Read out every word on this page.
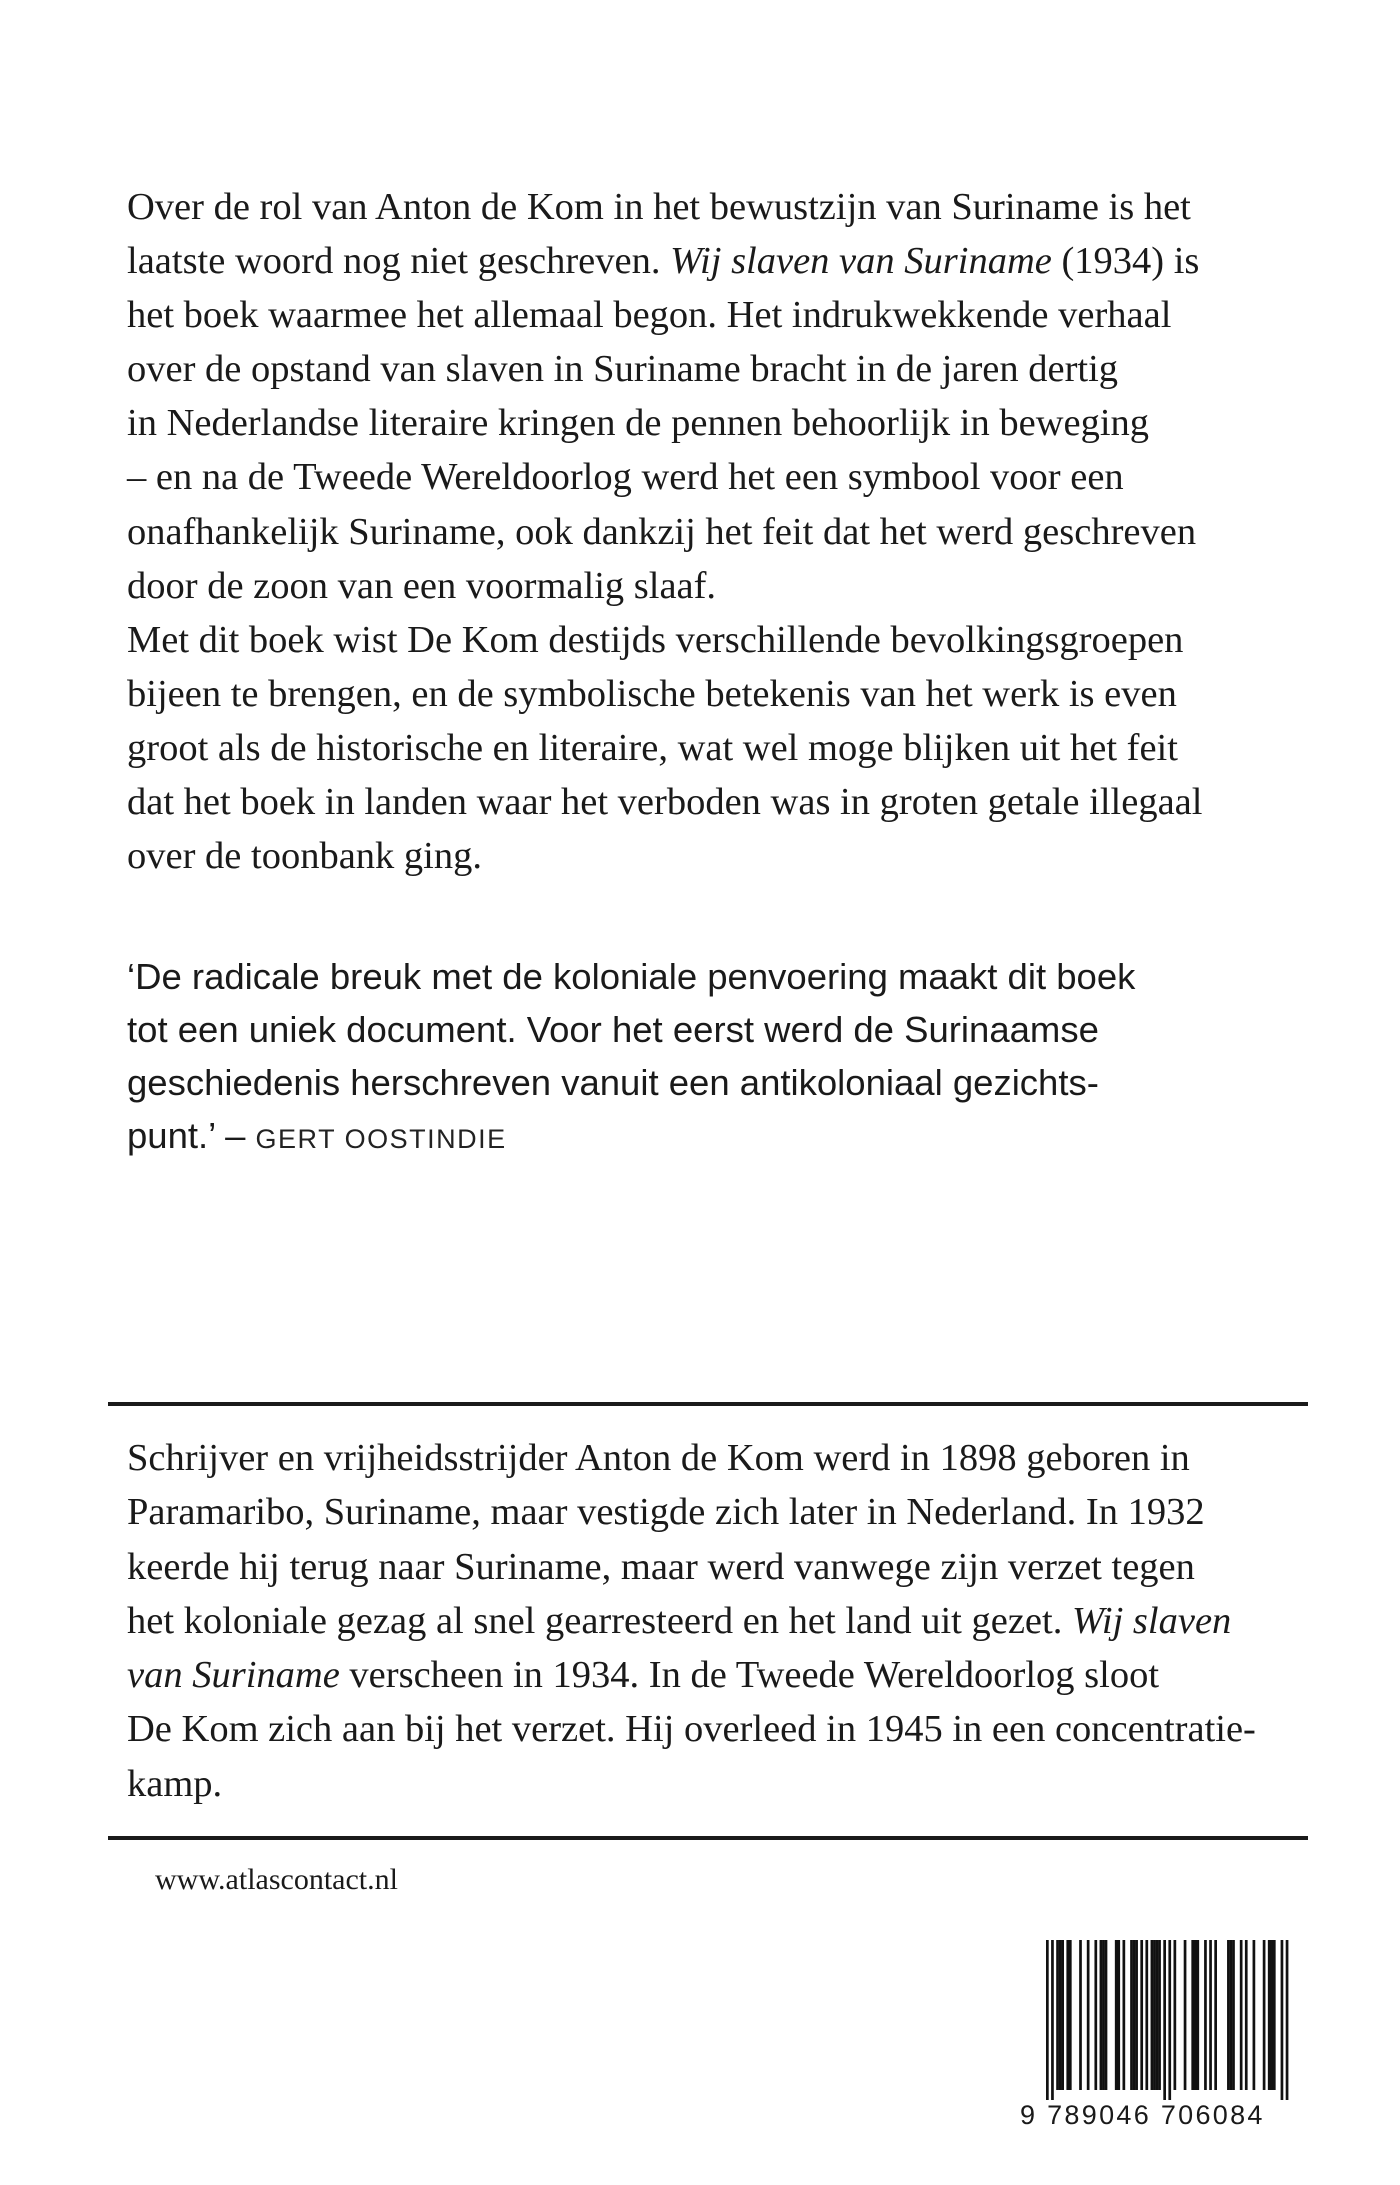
Over de rol van Anton de Kom in het bewustzijn van Suriname is het
laatste woord nog niet geschreven. Wij slaven van Suriname (1934) is
het boek waarmee het allemaal begon. Het indrukwekkende verhaal
over de opstand van slaven in Suriname bracht in de jaren dertig
in Nederlandse literaire kringen de pennen behoorlijk in beweging
– en na de Tweede Wereldoorlog werd het een symbool voor een
onafhankelijk Suriname, ook dankzij het feit dat het werd geschreven
door de zoon van een voormalig slaaf.
Met dit boek wist De Kom destijds verschillende bevolkingsgroepen
bijeen te brengen, en de symbolische betekenis van het werk is even
groot als de historische en literaire, wat wel moge blijken uit het feit
dat het boek in landen waar het verboden was in groten getale illegaal
over de toonbank ging.
‘De radicale breuk met de koloniale penvoering maakt dit boek
tot een uniek document. Voor het eerst werd de Surinaamse
geschiedenis herschreven vanuit een antikoloniaal gezichts-
punt.’ – GERT OOSTINDIE
Schrijver en vrijheidsstrijder Anton de Kom werd in 1898 geboren in
Paramaribo, Suriname, maar vestigde zich later in Nederland. In 1932
keerde hij terug naar Suriname, maar werd vanwege zijn verzet tegen
het koloniale gezag al snel gearresteerd en het land uit gezet. Wij slaven
van Suriname verscheen in 1934. In de Tweede Wereldoorlog sloot
De Kom zich aan bij het verzet. Hij overleed in 1945 in een concentratie-
kamp.

www.atlascontact.nl

9 789046 706084
